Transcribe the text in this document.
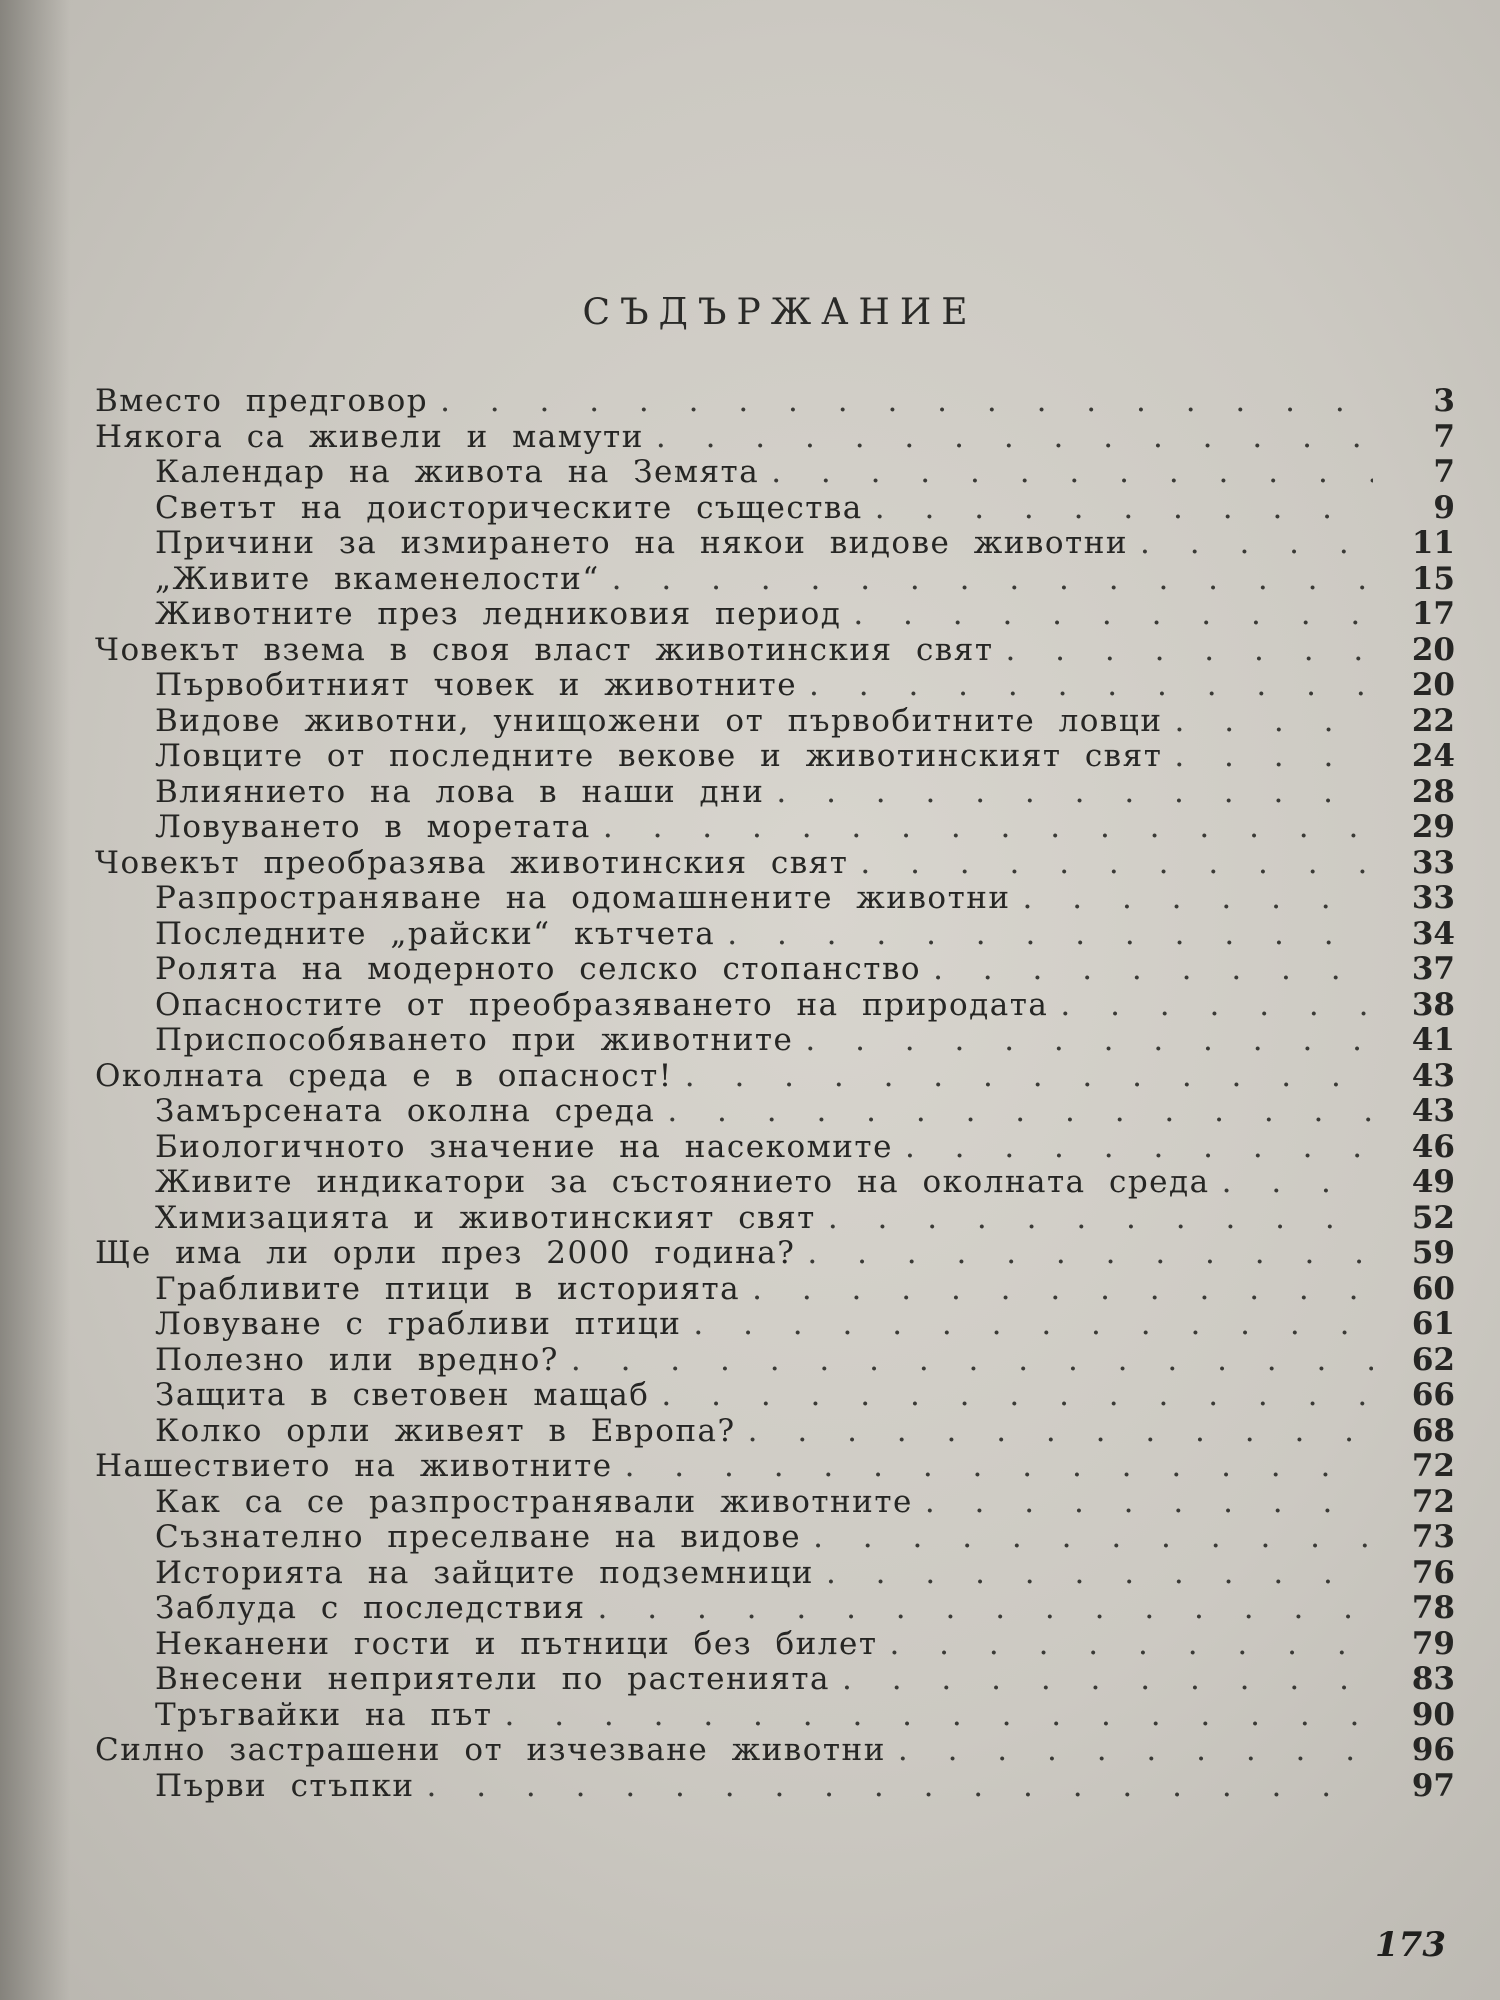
СЪДЪРЖАНИЕ
Вместо предговор . . .	3
Някога са живели и мамути . . .	7
Календар на живота на Земята . . .	7
Светът на доисторическите същества . . .	9
Причини за измирането на някои видове животни . . .	11
„Живите вкаменелости“ . . .	15
Животните през ледниковия период . . .	17
Човекът взема в своя власт животинския свят . . .	20
Първобитният човек и животните . . .	20
Видове животни, унищожени от първобитните ловци . . .	22
Ловците от последните векове и животинският свят . . .	24
Влиянието на лова в наши дни . . .	28
Ловуването в моретата . . .	29
Човекът преобразява животинския свят . . .	33
Разпространяване на одомашнените животни . . .	33
Последните „райски“ кътчета . . .	34
Ролята на модерното селско стопанство . . .	37
Опасностите от преобразяването на природата . . .	38
Приспособяването при животните . . .	41
Околната среда е в опасност! . . .	43
Замърсената околна среда . . .	43
Биологичното значение на насекомите . . .	46
Живите индикатори за състоянието на околната среда . . .	49
Химизацията и животинският свят . . .	52
Ще има ли орли през 2000 година? . . .	59
Грабливите птици в историята . . .	60
Ловуване с грабливи птици . . .	61
Полезно или вредно? . . .	62
Защита в световен мащаб . . .	66
Колко орли живеят в Европа? . . .	68
Нашествието на животните . . .	72
Как са се разпространявали животните . . .	72
Съзнателно преселване на видове . . .	73
Историята на зайците подземници . . .	76
Заблуда с последствия . . .	78
Неканени гости и пътници без билет . . .	79
Внесени неприятели по растенията . . .	83
Тръгвайки на път . . .	90
Силно застрашени от изчезване животни . . .	96
Първи стъпки . . .	97
173
